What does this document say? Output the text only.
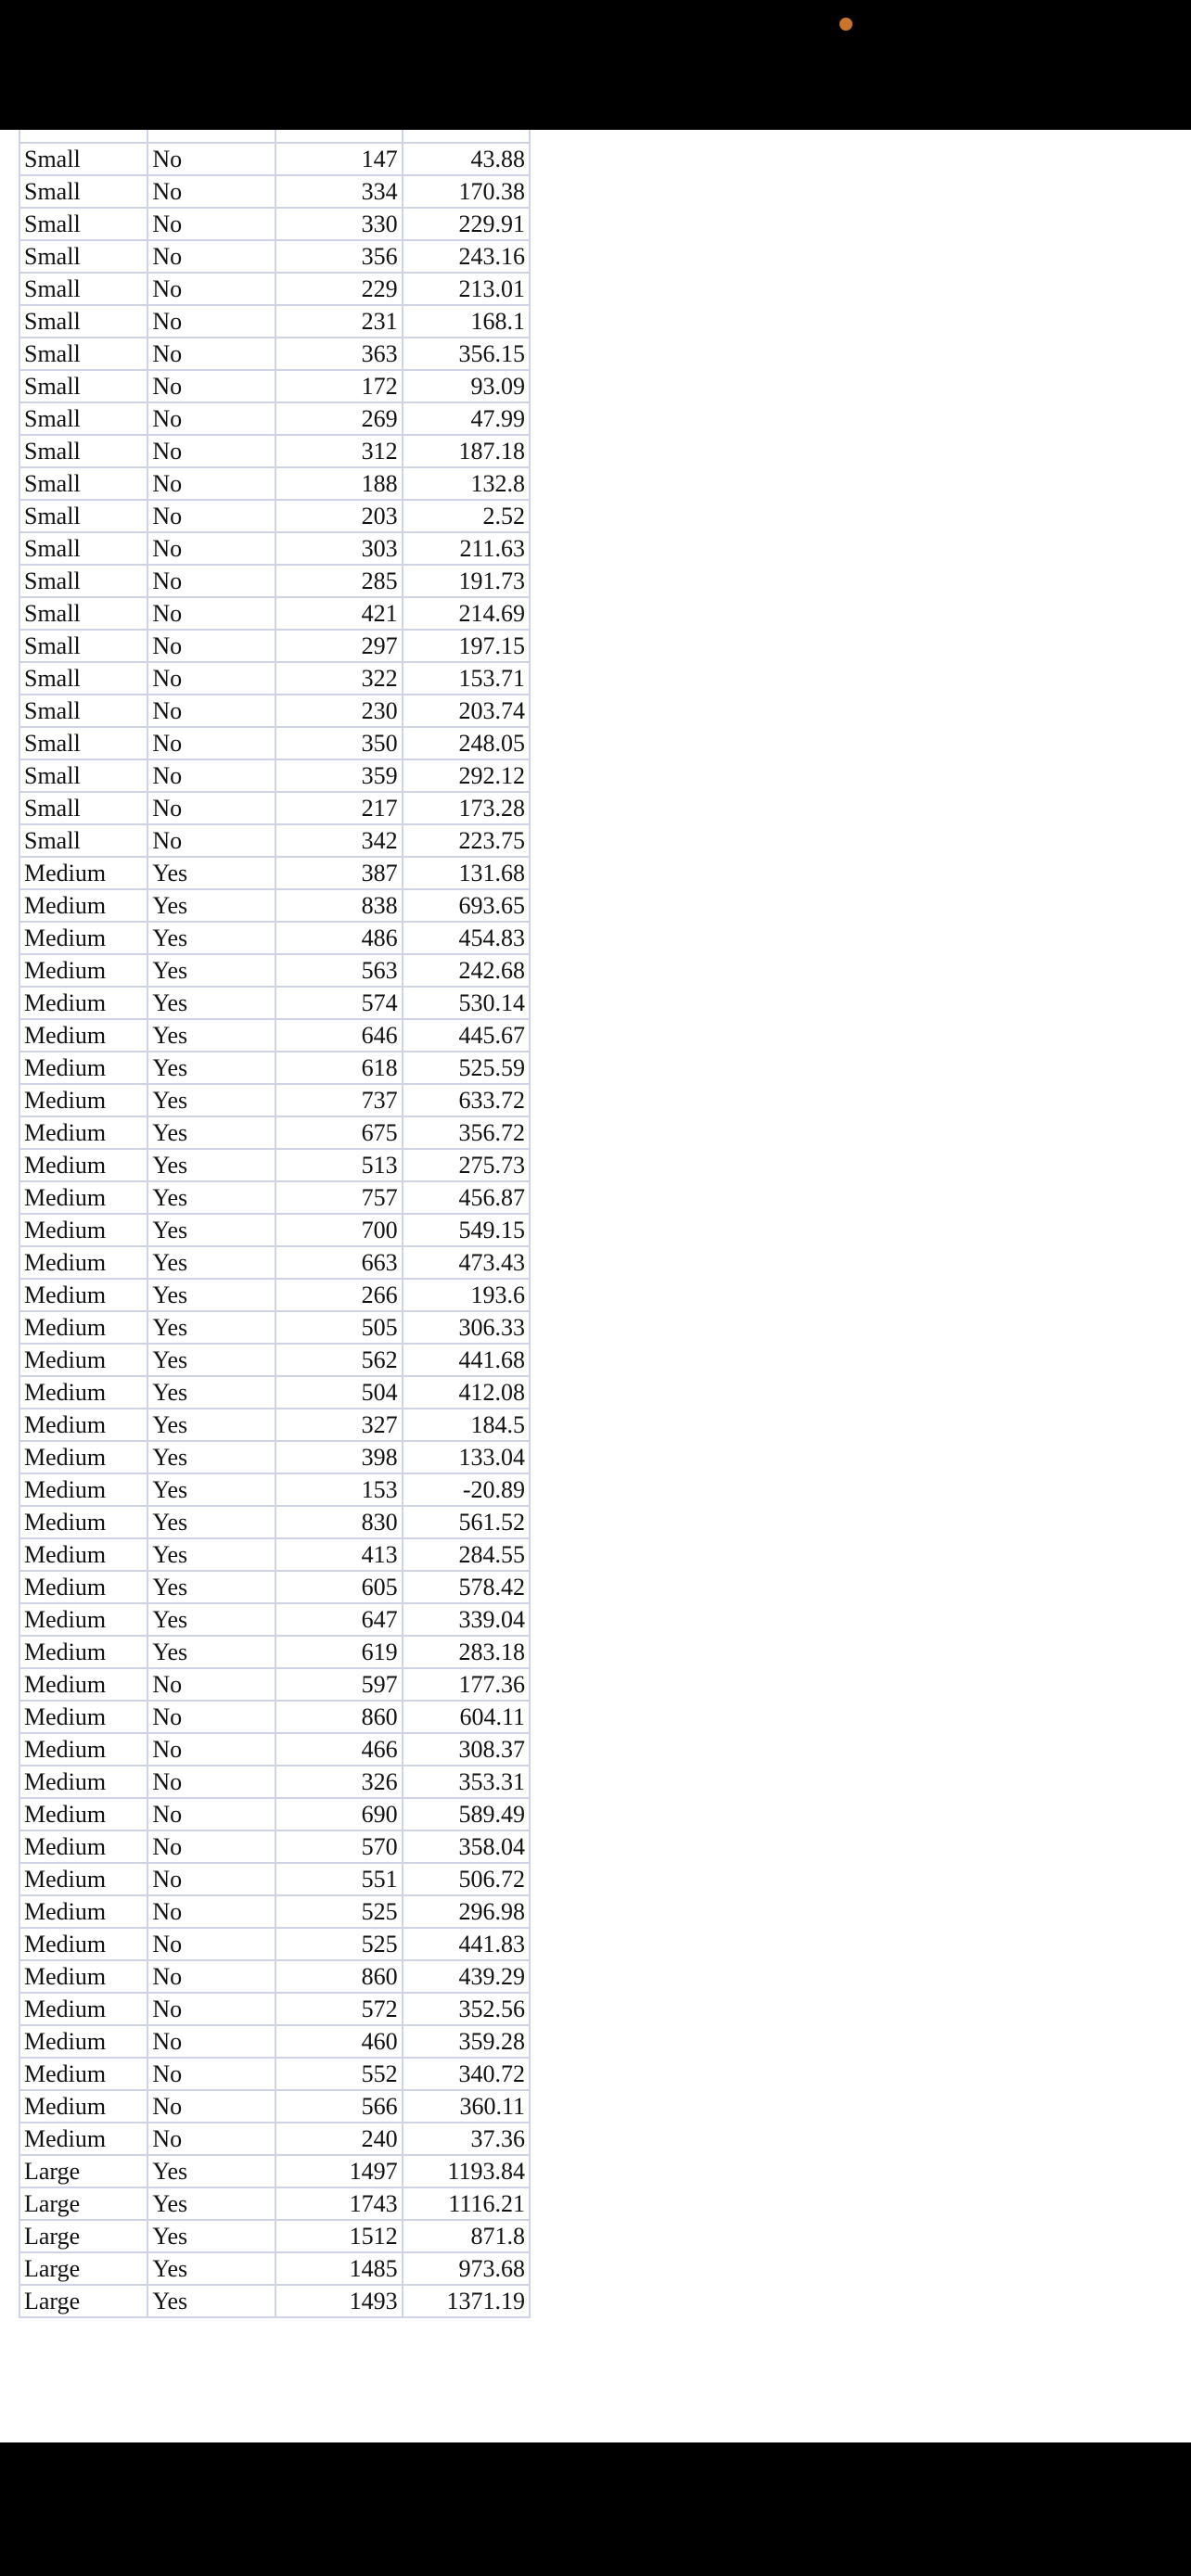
Small	No	147	43.88
Small	No	334	170.38
Small	No	330	229.91
Small	No	356	243.16
Small	No	229	213.01
Small	No	231	168.1
Small	No	363	356.15
Small	No	172	93.09
Small	No	269	47.99
Small	No	312	187.18
Small	No	188	132.8
Small	No	203	2.52
Small	No	303	211.63
Small	No	285	191.73
Small	No	421	214.69
Small	No	297	197.15
Small	No	322	153.71
Small	No	230	203.74
Small	No	350	248.05
Small	No	359	292.12
Small	No	217	173.28
Small	No	342	223.75
Medium	Yes	387	131.68
Medium	Yes	838	693.65
Medium	Yes	486	454.83
Medium	Yes	563	242.68
Medium	Yes	574	530.14
Medium	Yes	646	445.67
Medium	Yes	618	525.59
Medium	Yes	737	633.72
Medium	Yes	675	356.72
Medium	Yes	513	275.73
Medium	Yes	757	456.87
Medium	Yes	700	549.15
Medium	Yes	663	473.43
Medium	Yes	266	193.6
Medium	Yes	505	306.33
Medium	Yes	562	441.68
Medium	Yes	504	412.08
Medium	Yes	327	184.5
Medium	Yes	398	133.04
Medium	Yes	153	-20.89
Medium	Yes	830	561.52
Medium	Yes	413	284.55
Medium	Yes	605	578.42
Medium	Yes	647	339.04
Medium	Yes	619	283.18
Medium	No	597	177.36
Medium	No	860	604.11
Medium	No	466	308.37
Medium	No	326	353.31
Medium	No	690	589.49
Medium	No	570	358.04
Medium	No	551	506.72
Medium	No	525	296.98
Medium	No	525	441.83
Medium	No	860	439.29
Medium	No	572	352.56
Medium	No	460	359.28
Medium	No	552	340.72
Medium	No	566	360.11
Medium	No	240	37.36
Large	Yes	1497	1193.84
Large	Yes	1743	1116.21
Large	Yes	1512	871.8
Large	Yes	1485	973.68
Large	Yes	1493	1371.19
